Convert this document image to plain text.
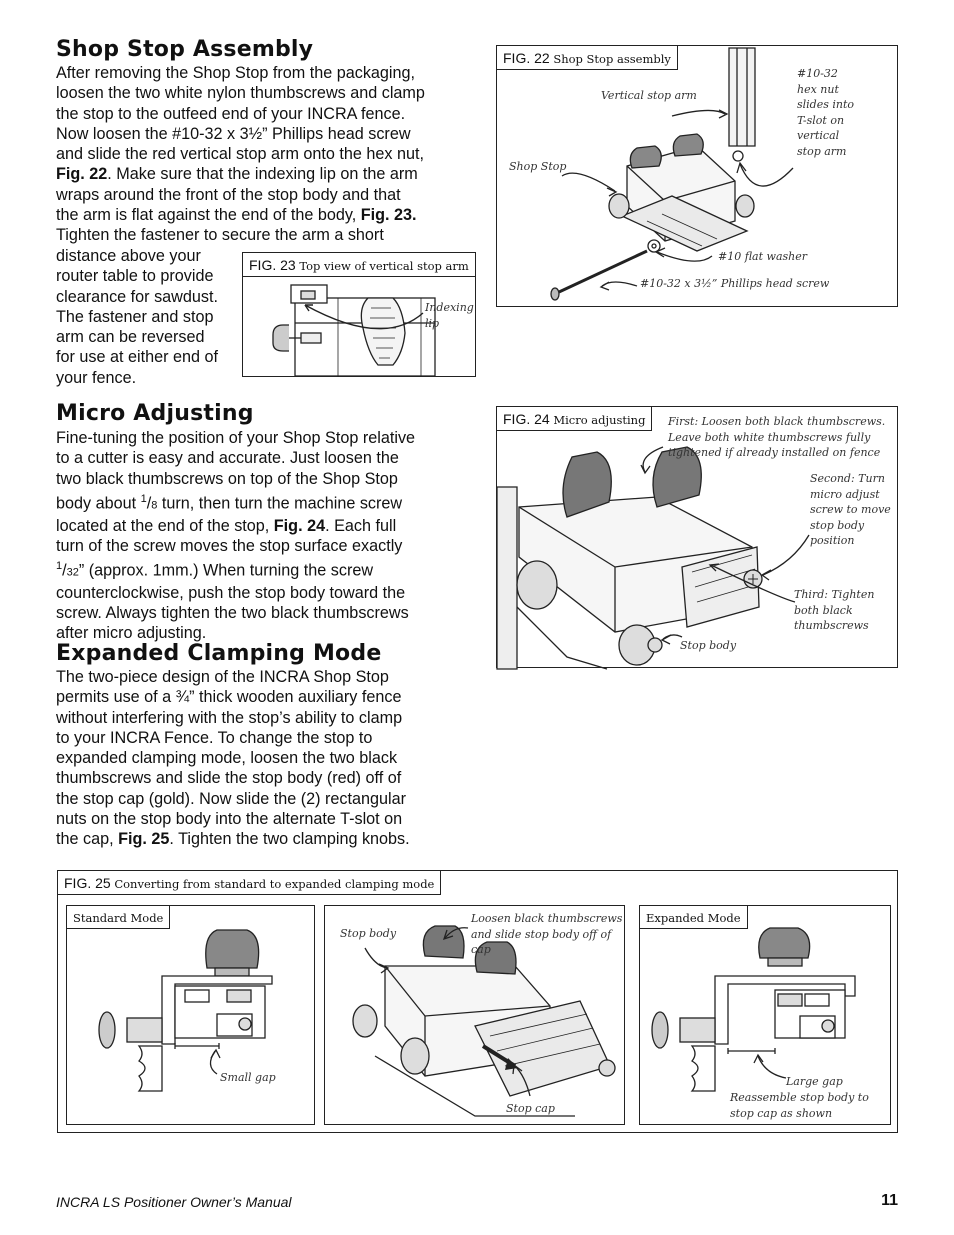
Shop Stop Assembly
After removing the Shop Stop from the packaging,
loosen the two white nylon thumbscrews and clamp
the stop to the outfeed end of your INCRA fence.
Now loosen the #10-32 x 3½” Phillips head screw
and slide the red vertical stop arm onto the hex nut,
Fig. 22. Make sure that the indexing lip on the arm
wraps around the front of the stop body and that
the arm is flat against the end of the body, Fig. 23.
Tighten the fastener to secure the arm a short
distance above your
router table to provide
clearance for sawdust.
The fastener and stop
arm can be reversed
for use at either end of
your fence.
FIG. 23 Top view of vertical stop arm
Indexing
lip
FIG. 22 Shop Stop assembly
Vertical stop arm
#10-32
hex nut
slides into
T-slot on
vertical
stop arm
Shop Stop
#10 flat washer
#10-32 x 3½” Phillips head screw
Micro Adjusting
Fine-tuning the position of your Shop Stop relative
to a cutter is easy and accurate. Just loosen the
two black thumbscrews on top of the Shop Stop
body about $^1$/8 turn, then turn the machine screw
located at the end of the stop, Fig. 24. Each full
turn of the screw moves the stop surface exactly
$^1$/32” (approx. 1mm.) When turning the screw
counterclockwise, push the stop body toward the
screw. Always tighten the two black thumbscrews
after micro adjusting.
FIG. 24 Micro adjusting	First: Loosen both black thumbscrews.
Leave both white thumbscrews fully
tightened if already installed on fence
Second: Turn
micro adjust
screw to move
stop body
position
Third: Tighten
both black
thumbscrews
Stop body
Expanded Clamping Mode
The two-piece design of the INCRA Shop Stop
permits use of a ¾” thick wooden auxiliary fence
without interfering with the stop’s ability to clamp
to your INCRA Fence. To change the stop to
expanded clamping mode, loosen the two black
thumbscrews and slide the stop body (red) off of
the stop cap (gold). Now slide the (2) rectangular
nuts on the stop body into the alternate T-slot on
the cap, Fig. 25. Tighten the two clamping knobs.
FIG. 25 Converting from standard to expanded clamping mode
Standard Mode
Small gap
Stop body
Loosen black thumbscrews
and slide stop body off of cap
Stop cap
Expanded Mode
Large gap
Reassemble stop body to
stop cap as shown
INCRA LS Positioner Owner’s Manual	11
